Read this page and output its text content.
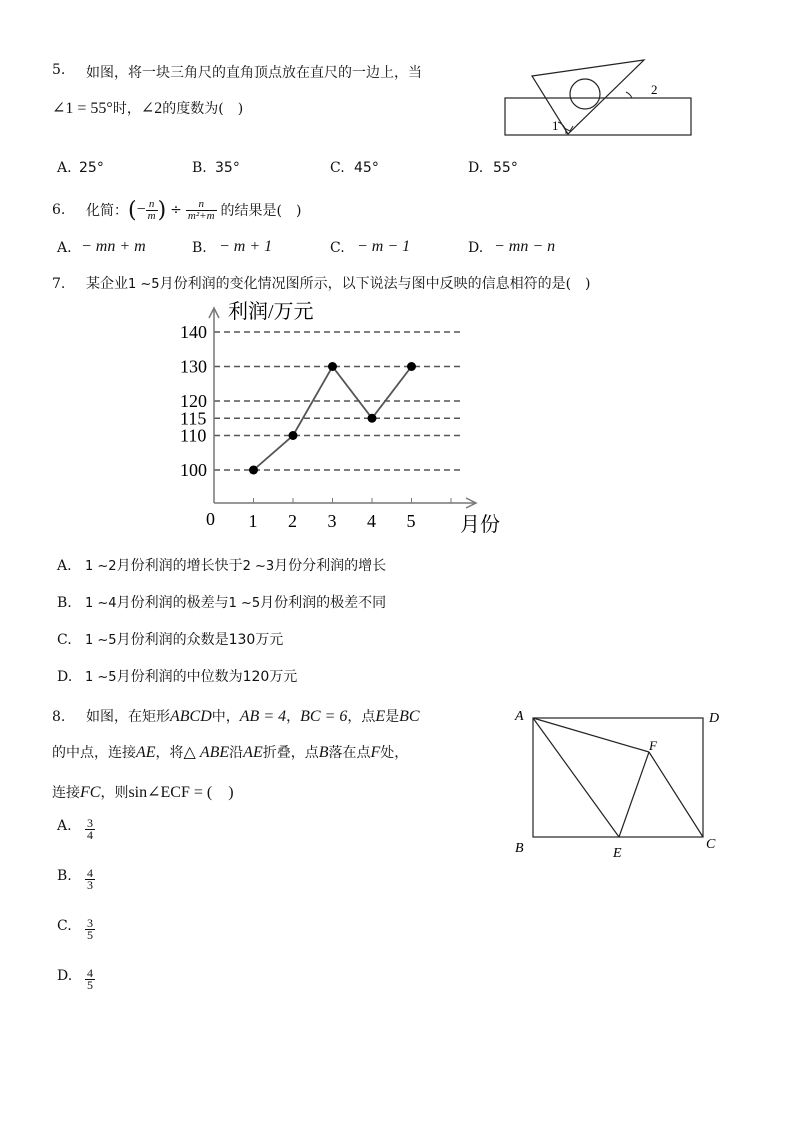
5. 如图，将一块三角尺的直角顶点放在直尺的一边上，当
∠1 = 55°时，∠2的度数为(　)
1
2
A. 25°	B. 35°	C. 45°	D. 55°
6.	化简： ( − $\frac{n}{m}$ ) ÷ $\frac{n}{\text{m²+m}}$ 的结果是(　)
A. − mn + m	B. − m + 1	C. − m − 1	D. − mn − n
7. 某企业1 ~5月份利润的变化情况图所示，以下说法与图中反映的信息相符的是(　)
1 2 3 4 5
100
110
115
120
130
140
0
利润/万元
月份
A. 1 ~2月份利润的增长快于2 ~3月份分利润的增长
B. 1 ~4月份利润的极差与1 ~5月份利润的极差不同
C. 1 ~5月份利润的众数是130万元
D. 1 ~5月份利润的中位数为120万元
8. 如图，在矩形ABCD中，AB = 4，BC = 6，点E是BC
的中点，连接AE，将△ ABE沿AE折叠，点B落在点F处，
连接FC，则sin∠ECF = (　)
A.	$\frac{3}{4}$
B.	$\frac{4}{3}$
C.	$\frac{3}{5}$
D.	$\frac{4}{5}$
A	D
B	C
E
F
